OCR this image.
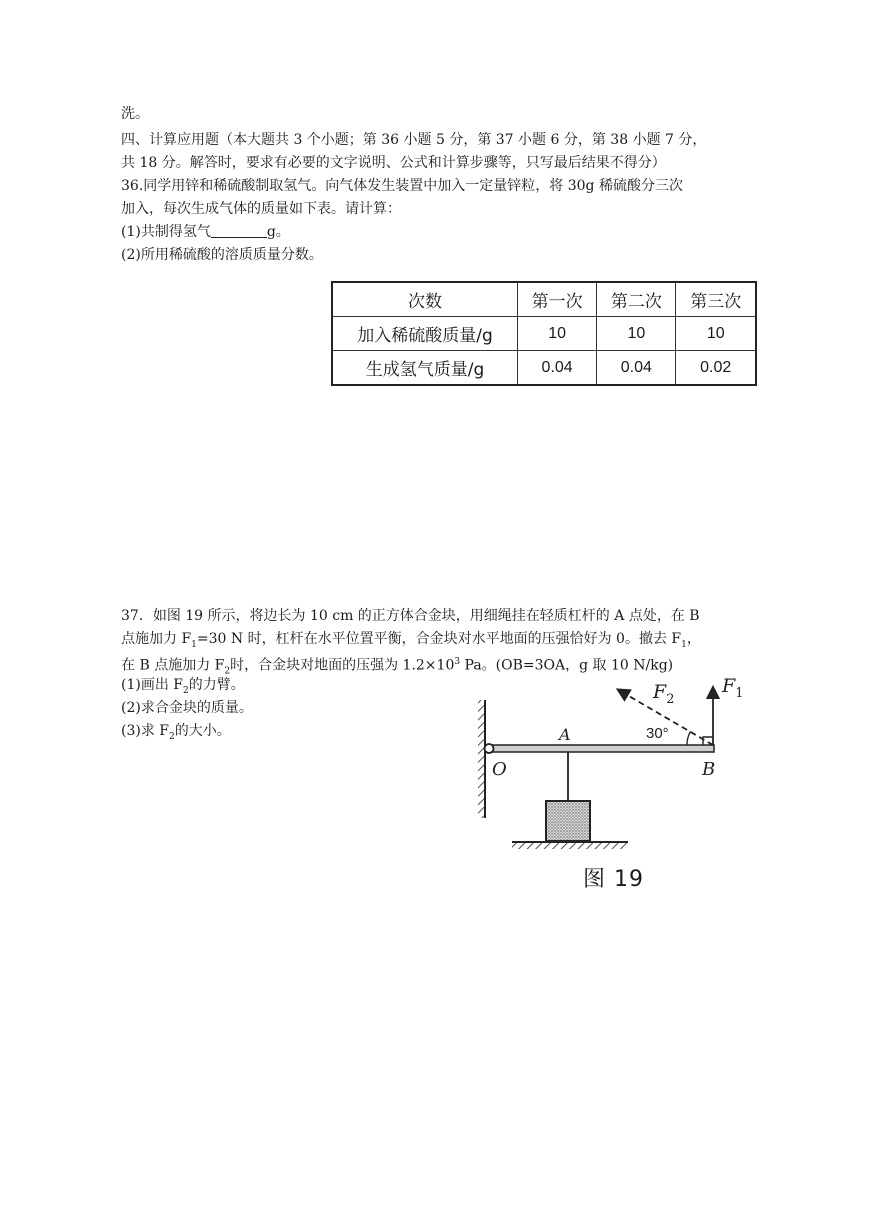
洗。
四、计算应用题（本大题共 3 个小题；第 36 小题 5 分，第 37 小题 6 分，第 38 小题 7 分，
共 18 分。解答时，要求有必要的文字说明、公式和计算步骤等，只写最后结果不得分）
36.同学用锌和稀硫酸制取氢气。向气体发生装置中加入一定量锌粒，将 30g 稀硫酸分三次
加入，每次生成气体的质量如下表。请计算：
(1)共制得氢气	g。
(2)所用稀硫酸的溶质质量分数。
次数	第一次	第二次	第三次
加入稀硫酸质量/g	10	10	10
生成氢气质量/g	0.04	0.04	0.02
37．如图 19 所示，将边长为 10 cm 的正方体合金块，用细绳挂在轻质杠杆的 A 点处，在 B
点施加力 $F_1=30$ N 时，杠杆在水平位置平衡，合金块对水平地面的压强恰好为 0。撤去 $F_1$，
在 B 点施加力 $F_2$时，合金块对地面的压强为 $1.2\times 10^3$ Pa。(OB=3OA，g 取 10 N/kg)
(1)画出 $F_2$的力臂。
(2)求合金块的质量。
(3)求 $F_2$的大小。
$F_2$
$F_1$
30°
A
O	B
图 19
